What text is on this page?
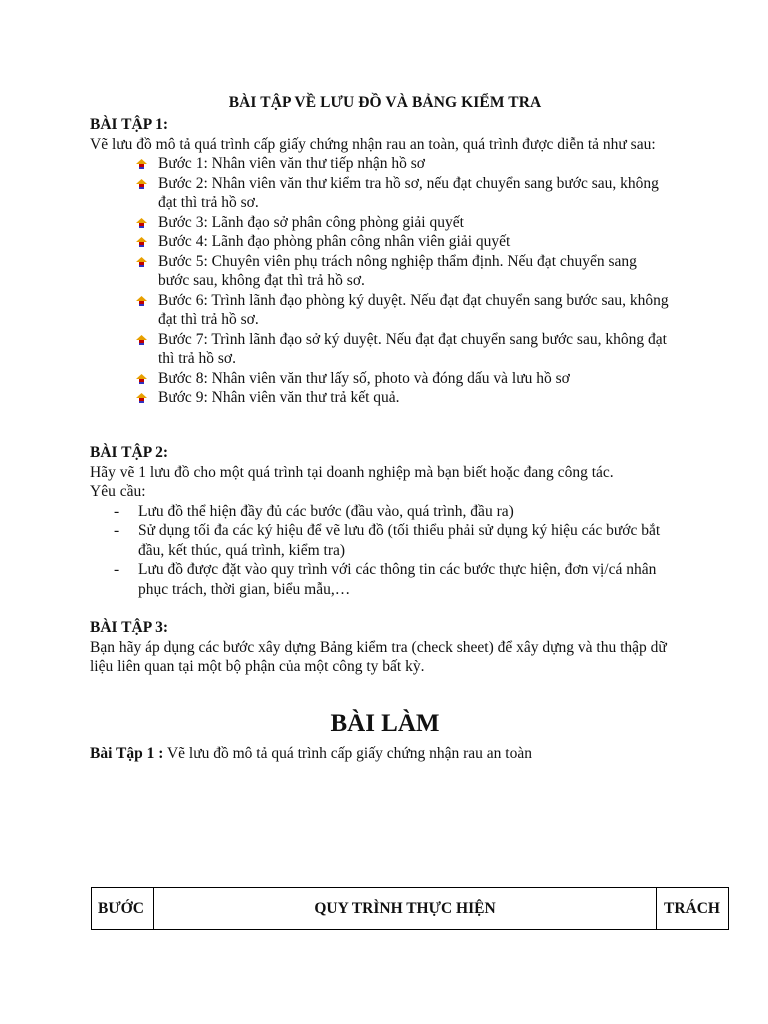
BÀI TẬP VỀ LƯU ĐỒ VÀ BẢNG KIỂM TRA
BÀI TẬP 1:
Vẽ lưu đồ mô tả quá trình cấp giấy chứng nhận rau an toàn, quá trình được diễn tả như sau:
Bước 1: Nhân viên văn thư tiếp nhận hồ sơ
Bước 2: Nhân viên văn thư kiểm tra hồ sơ, nếu đạt chuyển sang bước sau, không đạt thì trả hồ sơ.
Bước 3: Lãnh đạo sở phân công phòng giải quyết
Bước 4: Lãnh đạo phòng phân công nhân viên giải quyết
Bước 5: Chuyên viên phụ trách nông nghiệp thẩm định. Nếu đạt chuyển sang bước sau, không đạt thì trả hồ sơ.
Bước 6: Trình lãnh đạo phòng ký duyệt. Nếu đạt đạt chuyển sang bước sau, không đạt thì trả hồ sơ.
Bước 7: Trình lãnh đạo sở ký duyệt. Nếu đạt đạt chuyển sang bước sau, không đạt thì trả hồ sơ.
Bước 8: Nhân viên văn thư lấy số, photo và đóng dấu và lưu hồ sơ
Bước 9: Nhân viên văn thư trả kết quả.
BÀI TẬP 2:
Hãy vẽ 1 lưu đồ cho một quá trình tại doanh nghiệp mà bạn biết hoặc đang công tác.
Yêu cầu:
- Lưu đồ thể hiện đầy đủ các bước (đầu vào, quá trình, đầu ra)
- Sử dụng tối đa các ký hiệu để vẽ lưu đồ (tối thiểu phải sử dụng ký hiệu các bước bắt đầu, kết thúc, quá trình, kiểm tra)
- Lưu đồ được đặt vào quy trình với các thông tin các bước thực hiện, đơn vị/cá nhân phục trách, thời gian, biểu mẫu,…
BÀI TẬP 3:
Bạn hãy áp dụng các bước xây dựng Bảng kiểm tra (check sheet) để xây dựng và thu thập dữ liệu liên quan tại một bộ phận của một công ty bất kỳ.
BÀI LÀM
Bài Tập 1 : Vẽ lưu đồ mô tả quá trình cấp giấy chứng nhận rau an toàn
BƯỚC	QUY TRÌNH THỰC HIỆN	TRÁCH
